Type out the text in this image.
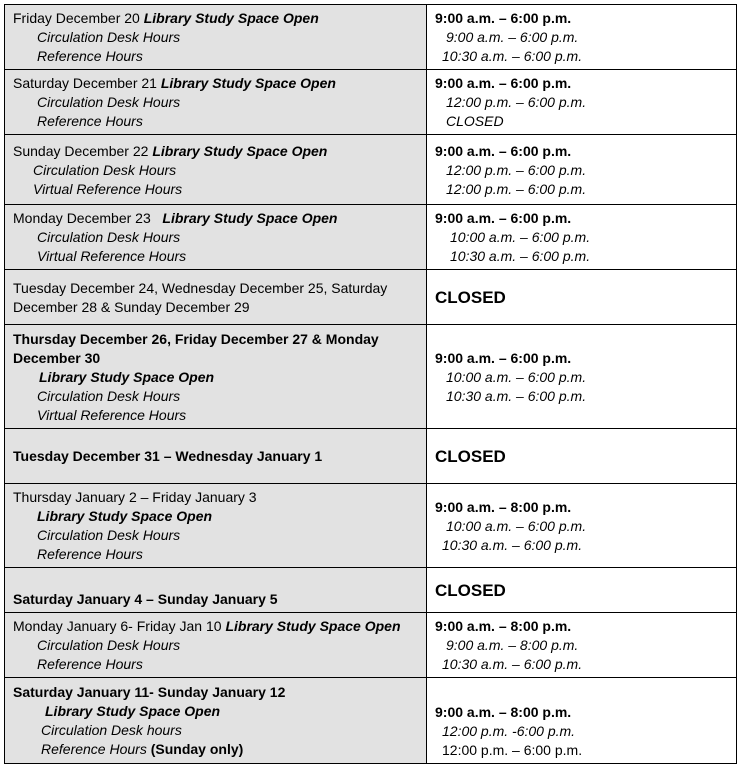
Friday December 20 Library Study Space Open
Circulation Desk Hours
Reference Hours	9:00 a.m. – 6:00 p.m.
9:00 a.m. – 6:00 p.m.
10:30 a.m. – 6:00 p.m.

Saturday December 21 Library Study Space Open
Circulation Desk Hours
Reference Hours	9:00 a.m. – 6:00 p.m.
12:00 p.m. – 6:00 p.m.
CLOSED

Sunday December 22 Library Study Space Open
Circulation Desk Hours
Virtual Reference Hours	9:00 a.m. – 6:00 p.m.
12:00 p.m. – 6:00 p.m.
12:00 p.m. – 6:00 p.m.

Monday December 23 Library Study Space Open
Circulation Desk Hours
Virtual Reference Hours	9:00 a.m. – 6:00 p.m.
10:00 a.m. – 6:00 p.m.
10:30 a.m. – 6:00 p.m.

Tuesday December 24, Wednesday December 25, Saturday
December 28 & Sunday December 29	CLOSED

Thursday December 26, Friday December 27 & Monday
December 30
Library Study Space Open
Circulation Desk Hours
Virtual Reference Hours	9:00 a.m. – 6:00 p.m.
10:00 a.m. – 6:00 p.m.
10:30 a.m. – 6:00 p.m.

Tuesday December 31 – Wednesday January 1	CLOSED

Thursday January 2 – Friday January 3
Library Study Space Open
Circulation Desk Hours
Reference Hours	9:00 a.m. – 8:00 p.m.
10:00 a.m. – 6:00 p.m.
10:30 a.m. – 6:00 p.m.

Saturday January 4 – Sunday January 5	CLOSED

Monday January 6- Friday Jan 10 Library Study Space Open
Circulation Desk Hours
Reference Hours	9:00 a.m. – 8:00 p.m.
9:00 a.m. – 8:00 p.m.
10:30 a.m. – 6:00 p.m.

Saturday January 11- Sunday January 12
Library Study Space Open
Circulation Desk hours
Reference Hours (Sunday only)	9:00 a.m. – 8:00 p.m.
12:00 p.m. -6:00 p.m.
12:00 p.m. – 6:00 p.m.
